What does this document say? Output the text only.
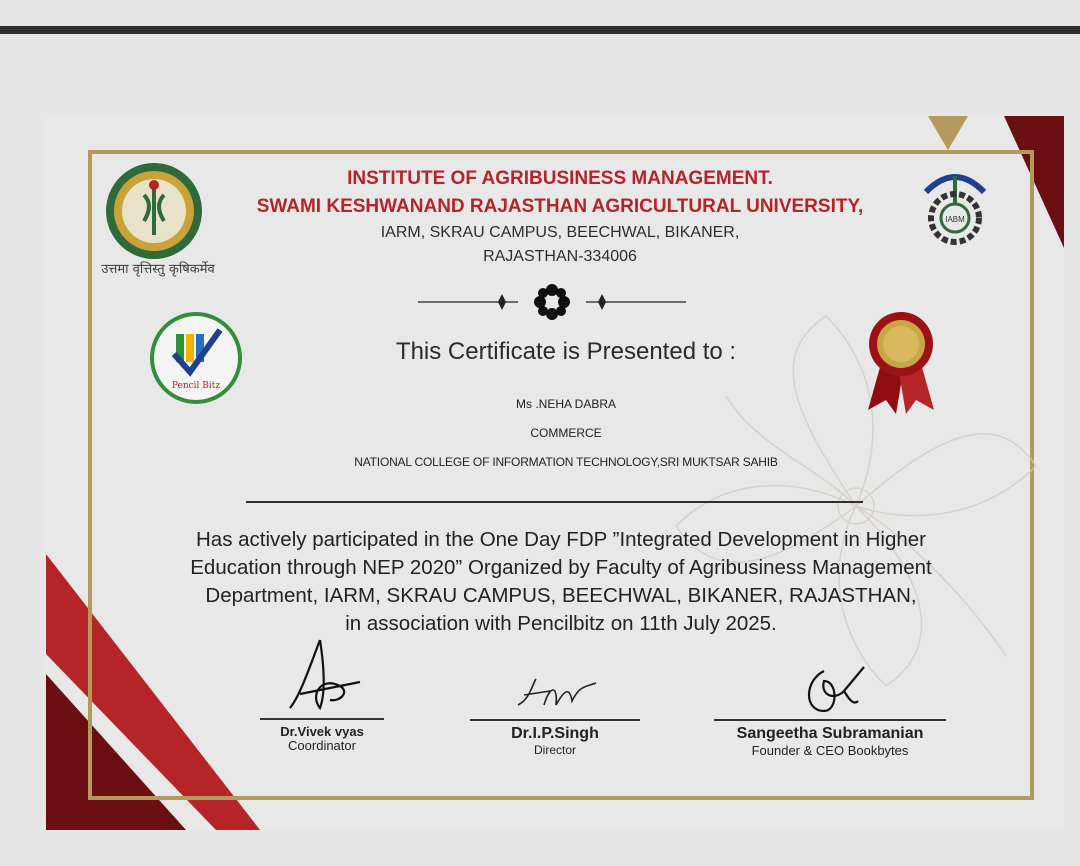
उत्तमा वृत्तिस्तु कृषिकर्मेव
INSTITUTE OF AGRIBUSINESS MANAGEMENT.
SWAMI KESHWANAND RAJASTHAN AGRICULTURAL UNIVERSITY,
IARM, SKRAU CAMPUS, BEECHWAL, BIKANER,
RAJASTHAN-334006
IABM
Pencil Bitz
This Certificate is Presented to :
Ms .NEHA DABRA
COMMERCE
NATIONAL COLLEGE OF INFORMATION TECHNOLOGY,SRI MUKTSAR SAHIB
Has actively participated in the One Day FDP ”Integrated Development in Higher
Education through NEP 2020” Organized by Faculty of Agribusiness Management
Department, IARM, SKRAU CAMPUS, BEECHWAL, BIKANER, RAJASTHAN,
in association with Pencilbitz on 11th July 2025.
Dr.Vivek vyas
Coordinator
Dr.I.P.Singh
Director
Sangeetha Subramanian
Founder & CEO Bookbytes
